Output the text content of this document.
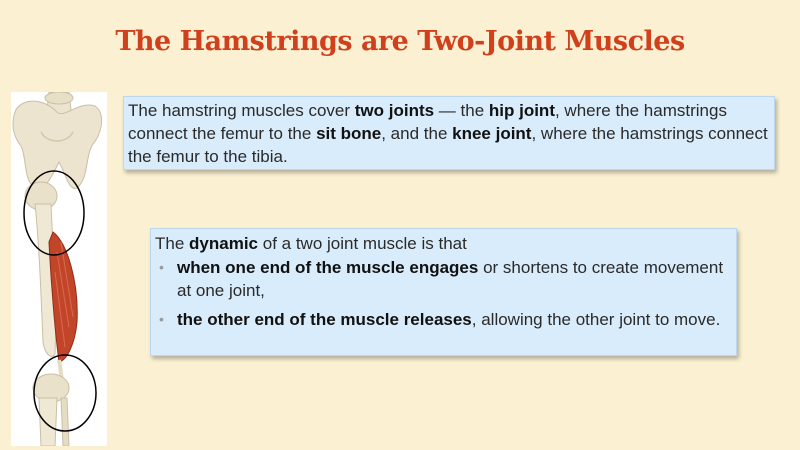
The Hamstrings are Two-Joint Muscles
The hamstring muscles cover two joints — the hip joint, where the hamstrings connect the femur to the sit bone, and the knee joint, where the hamstrings connect the femur to the tibia.
The dynamic of a two joint muscle is that
• when one end of the muscle engages or shortens to create movement at one joint,
• the other end of the muscle releases, allowing the other joint to move.
